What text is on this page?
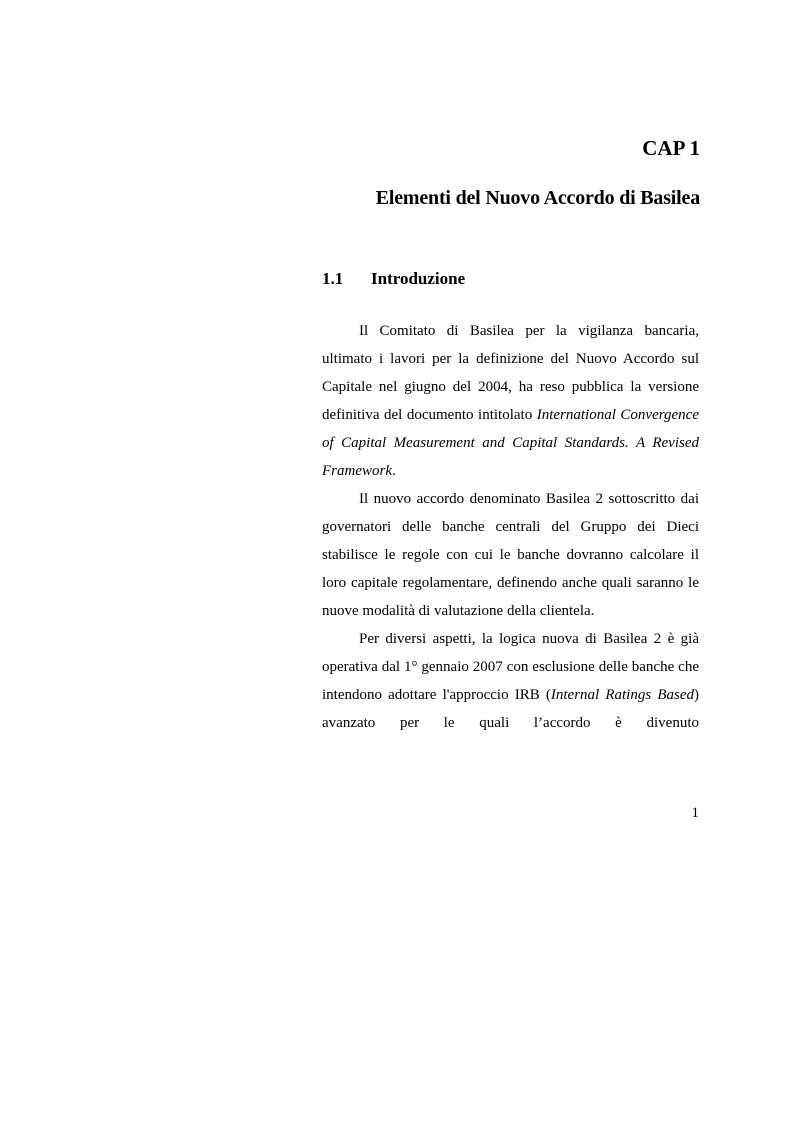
CAP 1
Elementi del Nuovo Accordo di Basilea
1.1 Introduzione

Il Comitato di Basilea per la vigilanza bancaria, ultimato i lavori per la definizione del Nuovo Accordo sul Capitale nel giugno del 2004, ha reso pubblica la versione definitiva del documento intitolato International Convergence of Capital Measurement and Capital Standards. A Revised Framework.

Il nuovo accordo denominato Basilea 2 sottoscritto dai governatori delle banche centrali del Gruppo dei Dieci stabilisce le regole con cui le banche dovranno calcolare il loro capitale regolamentare, definendo anche quali saranno le nuove modalità di valutazione della clientela.

Per diversi aspetti, la logica nuova di Basilea 2 è già operativa dal 1° gennaio 2007 con esclusione delle banche che intendono adottare l'approccio IRB (Internal Ratings Based) avanzato per le quali l’accordo è divenuto

1
